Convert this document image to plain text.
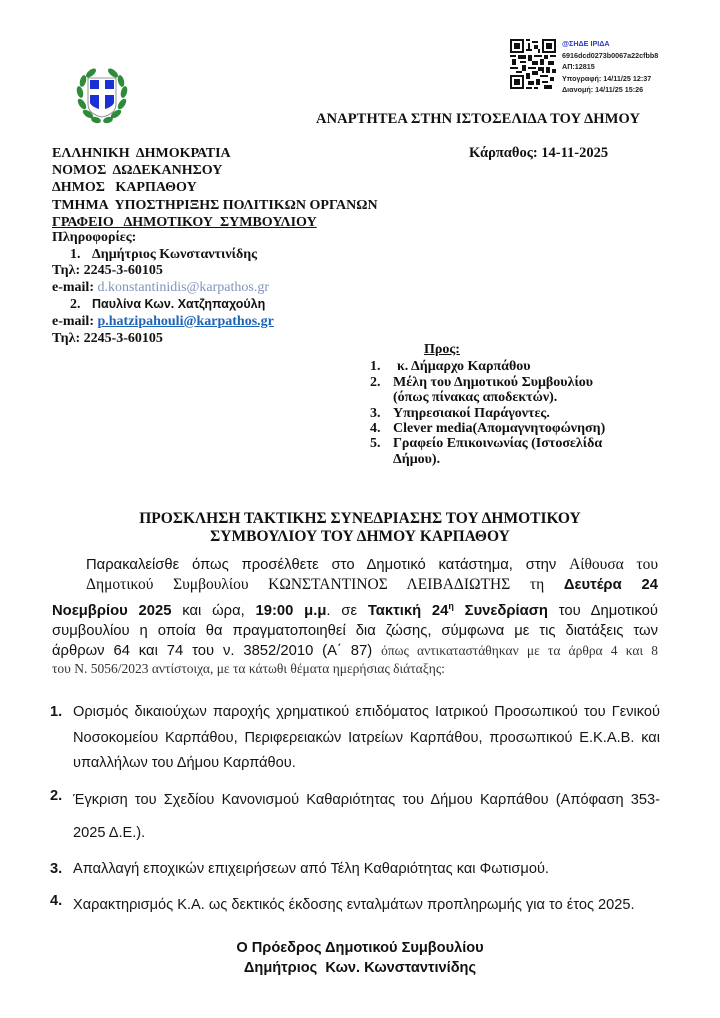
@ΣΗΔΕ ΙΡΙΔΑ
6916dcd0273b0067a22cfbb8
ΑΠ:12815
Υπογραφή: 14/11/25 12:37
Διανομή: 14/11/25 15:26
ΑΝΑΡΤΗΤΕΑ ΣΤΗΝ ΙΣΤΟΣΕΛΙΔΑ ΤΟΥ ΔΗΜΟΥ
Κάρπαθος: 14-11-2025
ΕΛΛΗΝΙΚΗ  ΔΗΜΟΚΡΑΤΙΑ
ΝΟΜΟΣ  ΔΩΔΕΚΑΝΗΣΟΥ
ΔΗΜΟΣ   ΚΑΡΠΑΘΟΥ
ΤΜΗΜΑ  ΥΠΟΣΤΗΡΙΞΗΣ ΠΟΛΙΤΙΚΩΝ ΟΡΓΑΝΩΝ
ΓΡΑΦΕΙΟ   ΔΗΜΟΤΙΚΟΥ  ΣΥΜΒΟΥΛΙΟΥ
Πληροφορίες:
1. Δημήτριος Κωνσταντινίδης
Τηλ: 2245-3-60105
e-mail: d.konstantinidis@karpathos.gr
2. Παυλίνα Κων. Χατζηπαχούλη
e-mail: p.hatzipahouli@karpathos.gr
Τηλ: 2245-3-60105
Προς:
1.	κ. Δήμαρχο Καρπάθου
2. Μέλη του Δημοτικού Συμβουλίου  (όπως πίνακας αποδεκτών).
3. Υπηρεσιακοί Παράγοντες.
4. Clever media(Απομαγνητοφώνηση)
5. Γραφείο Επικοινωνίας (Ιστοσελίδα Δήμου).
ΠΡΟΣΚΛΗΣΗ ΤΑΚΤΙΚΗΣ ΣΥΝΕΔΡΙΑΣΗΣ ΤΟΥ ΔΗΜΟΤΙΚΟΥ
ΣΥΜΒΟΥΛΙΟΥ ΤΟΥ ΔΗΜΟΥ ΚΑΡΠΑΘΟΥ
Παρακαλείσθε όπως προσέλθετε στο Δημοτικό κατάστημα, στην Αίθουσα του
Δημοτικού Συμβουλίου ΚΩΝΣΤΑΝΤΙΝΟΣ ΛΕΙΒΑΔΙΩΤΗΣ τη Δευτέρα 24
Νοεμβρίου 2025 και ώρα, 19:00 μ.μ. σε Τακτική $24^\eta$ Συνεδρίαση του Δημοτικού
συμβουλίου η οποία θα πραγματοποιηθεί δια ζώσης, σύμφωνα με τις διατάξεις των
άρθρων 64 και 74 του ν. 3852/2010 (Α΄ 87) όπως αντικαταστάθηκαν με τα άρθρα 4 και 8
του Ν. 5056/2023 αντίστοιχα, με τα κάτωθι θέματα ημερήσιας διάταξης:
1. Ορισμός δικαιούχων παροχής χρηματικού επιδόματος Ιατρικού Προσωπικού του Γενικού Νοσοκομείου Καρπάθου, Περιφερειακών Ιατρείων Καρπάθου, προσωπικού Ε.Κ.Α.Β. και υπαλλήλων του Δήμου Καρπάθου.
2. Έγκριση του Σχεδίου Κανονισμού Καθαριότητας του Δήμου Καρπάθου (Απόφαση 353-2025 Δ.Ε.).
3. Απαλλαγή εποχικών επιχειρήσεων από Τέλη Καθαριότητας και Φωτισμού.
4. Χαρακτηρισμός Κ.Α. ως δεκτικός έκδοσης ενταλμάτων προπληρωμής για το έτος 2025.
Ο Πρόεδρος Δημοτικού Συμβουλίου
Δημήτριος  Κων. Κωνσταντινίδης
